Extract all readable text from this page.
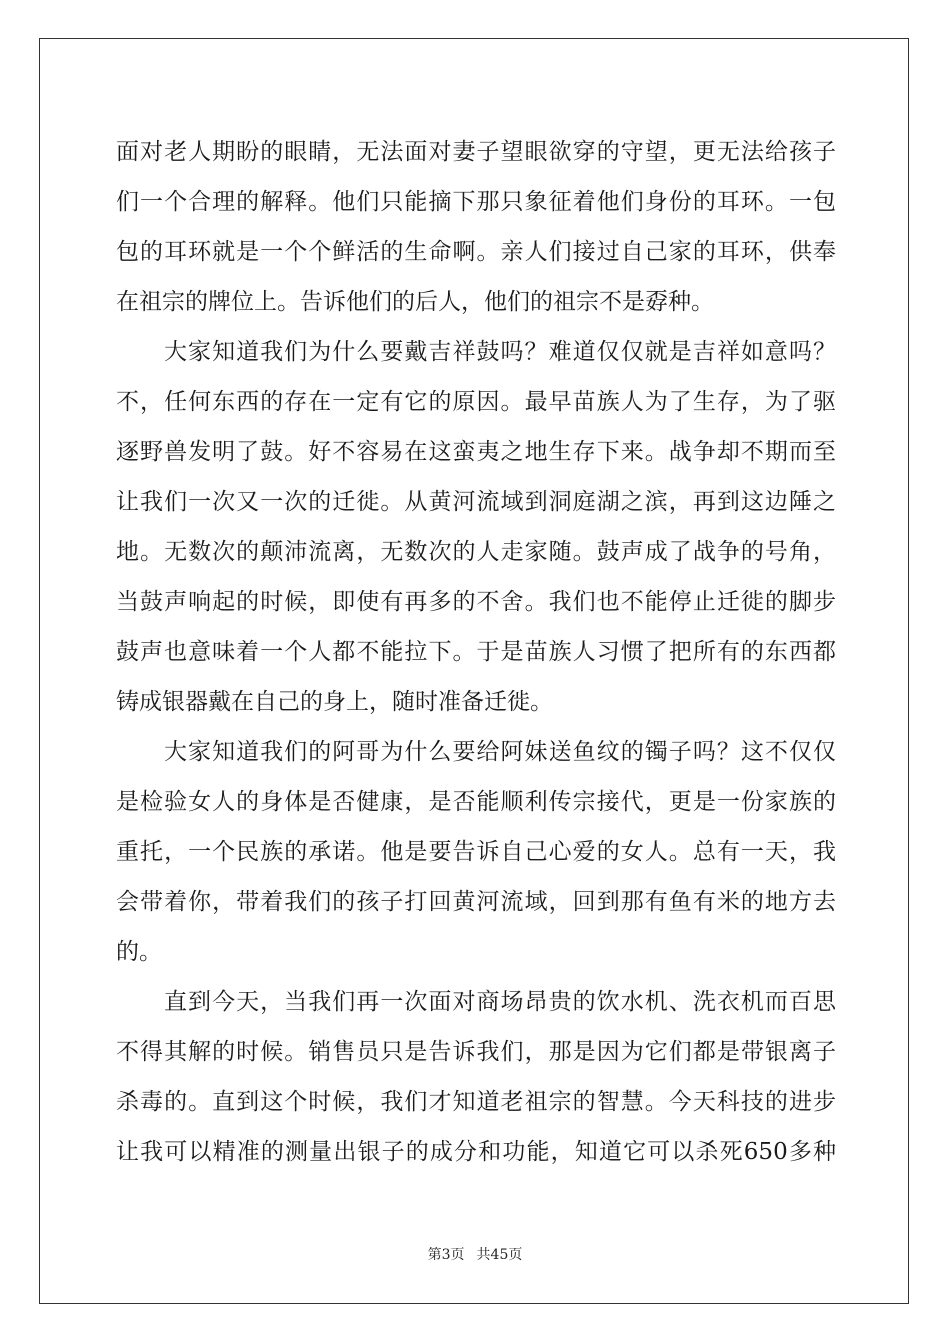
面对老人期盼的眼睛，无法面对妻子望眼欲穿的守望，更无法给孩子
们一个合理的解释。他们只能摘下那只象征着他们身份的耳环。一包
包的耳环就是一个个鲜活的生命啊。亲人们接过自己家的耳环，供奉
在祖宗的牌位上。告诉他们的后人，他们的祖宗不是孬种。
大家知道我们为什么要戴吉祥鼓吗？难道仅仅就是吉祥如意吗？
不，任何东西的存在一定有它的原因。最早苗族人为了生存，为了驱
逐野兽发明了鼓。好不容易在这蛮夷之地生存下来。战争却不期而至
让我们一次又一次的迁徙。从黄河流域到洞庭湖之滨，再到这边陲之
地。无数次的颠沛流离，无数次的人走家随。鼓声成了战争的号角，
当鼓声响起的时候，即使有再多的不舍。我们也不能停止迁徙的脚步
鼓声也意味着一个人都不能拉下。于是苗族人习惯了把所有的东西都
铸成银器戴在自己的身上，随时准备迁徙。
大家知道我们的阿哥为什么要给阿妹送鱼纹的镯子吗？这不仅仅
是检验女人的身体是否健康，是否能顺利传宗接代，更是一份家族的
重托，一个民族的承诺。他是要告诉自己心爱的女人。总有一天，我
会带着你，带着我们的孩子打回黄河流域，回到那有鱼有米的地方去
的。
直到今天，当我们再一次面对商场昂贵的饮水机、洗衣机而百思
不得其解的时候。销售员只是告诉我们，那是因为它们都是带银离子
杀毒的。直到这个时候，我们才知道老祖宗的智慧。今天科技的进步
让我可以精准的测量出银子的成分和功能，知道它可以杀死650多种
第3页 共45页
